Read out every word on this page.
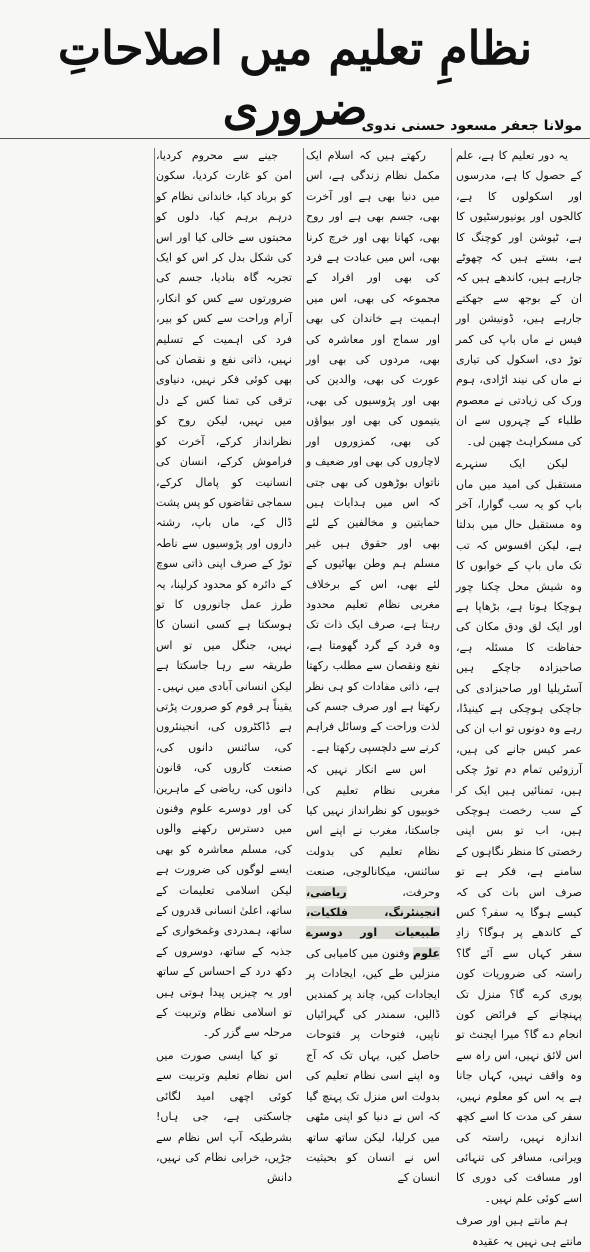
نظامِ تعلیم میں اصلاحاتِ ضروری
مولانا جعفر مسعود حسنی ندوی

یہ دور تعلیم کا ہے، علم کے حصول کا ہے، مدرسوں اور اسکولوں کا ہے، کالجوں اور یونیورسٹیوں کا ہے، ٹیوشن اور کوچنگ کا ہے، بستے ہیں کہ چھوٹے جارہے ہیں، کاندھے ہیں کہ ان کے بوجھ سے جھکتے جارہے ہیں، ڈونیشن اور فیس نے ماں باپ کی کمر توڑ دی، اسکول کی تیاری نے ماں کی نیند اڑادی، ہوم ورک کی زیادتی نے معصوم طلباء کے چہروں سے ان کی مسکراہٹ چھین لی۔

لیکن ایک سنہرے مستقبل کی امید میں ماں باپ کو یہ سب گوارا، آخر وہ مستقبل حال میں بدلتا ہے، لیکن افسوس کہ تب تک ماں باپ کے خوابوں کا وہ شیش محل چکنا چور ہوچکا ہوتا ہے، بڑھاپا ہے اور ایک لق ودق مکان کی حفاظت کا مسئلہ ہے، صاحبزادہ جاچکے ہیں آسٹریلیا اور صاحبزادی کی جاچکی ہوچکی ہے کینیڈا، رہے وہ دونوں تو اب ان کی عمر کیس جانے کی ہیں، آرزوئیں تمام دم توڑ چکی ہیں، تمنائیں ہیں ایک کر کے سب رخصت ہوچکی ہیں، اب تو بس اپنی رخصتی کا منظر نگاہوں کے سامنے ہے، فکر ہے تو صرف اس بات کی کہ کیسے ہوگا یہ سفر؟ کس کے کاندھے پر ہوگا؟ زادِ سفر کہاں سے آئے گا؟ راستہ کی ضروریات کون پوری کرے گا؟ منزل تک پہنچانے کے فرائض کون انجام دے گا؟ میرا ایجنٹ تو اس لائق نہیں، اس راہ سے وہ واقف نہیں، کہاں جانا ہے یہ اس کو معلوم نہیں، سفر کی مدت کا اسے کچھ اندازہ نہیں، راستہ کی ویرانی، مسافر کی تنہائی اور مسافت کی دوری کا اسے کوئی علم نہیں۔

ہم مانتے ہیں اور صرف مانتے ہی نہیں یہ عقیدہ

رکھتے ہیں کہ اسلام ایک مکمل نظام زندگی ہے، اس میں دنیا بھی ہے اور آخرت بھی، جسم بھی ہے اور روح بھی، کھانا بھی اور خرچ کرنا بھی، اس میں عبادت ہے فرد کی بھی اور افراد کے مجموعہ کی بھی، اس میں اہمیت ہے خاندان کی بھی اور سماج اور معاشرہ کی بھی، مردوں کی بھی اور عورت کی بھی، والدین کی بھی اور پڑوسیوں کی بھی، یتیموں کی بھی اور بیواؤں کی بھی، کمزوروں اور لاچاروں کی بھی اور ضعیف و ناتواں بوڑھوں کی بھی جتی کہ اس میں ہدایات ہیں حمایتین و مخالفین کے لئے بھی اور حقوق ہیں غیر مسلم ہم وطن بھائیوں کے لئے بھی، اس کے برخلاف مغربی نظام تعلیم محدود رہتا ہے، صرف ایک ذات تک وہ فرد کے گرد گھومتا ہے، نفع ونقصان سے مطلب رکھتا ہے، ذاتی مفادات کو ہی نظر رکھتا ہے اور صرف جسم کی لذت وراحت کے وسائل فراہم کرنے سے دلچسپی رکھتا ہے۔

اس سے انکار نہیں کہ مغربی نظام تعلیم کی خوبیوں کو نظرانداز نہیں کیا جاسکتا، مغرب نے اپنے اس نظام تعلیم کی بدولت سائنس، میکانالوجی، صنعت وحرفت، ریاضی، انجینئرنگ، فلکیات، طبیعیات اور دوسرے علوم وفنون میں کامیابی کی منزلیں طے کیں، ایجادات پر ایجادات کیں، چاند پر کمندیں ڈالیں، سمندر کی گہرائیاں ناپیں، فتوحات پر فتوحات حاصل کیں، یہاں تک کہ آج وہ اپنے اسی نظام تعلیم کی بدولت اس منزل تک پہنچ گیا کہ اس نے دنیا کو اپنی مٹھی میں کرلیا، لیکن ساتھ ساتھ اس نے انسان کو بحیثیت انسان کے

جینے سے محروم کردیا، امن کو غارت کردیا، سکون کو برباد کیا، خاندانی نظام کو درہم برہم کیا، دلوں کو محبتوں سے خالی کیا اور اس کی شکل بدل کر اس کو ایک تجربہ گاہ بنادیا، جسم کی ضرورتوں سے کس کو انکار، آرام وراحت سے کس کو بیر، فرد کی اہمیت کے تسلیم نہیں، ذاتی نفع و نقصان کی بھی کوئی فکر نہیں، دنیاوی ترقی کی تمنا کس کے دل میں نہیں، لیکن روح کو نظرانداز کرکے، آخرت کو فراموش کرکے، انسان کی انسانیت کو پامال کرکے، سماجی تقاضوں کو پس پشت ڈال کے، ماں باپ، رشتہ داروں اور پڑوسیوں سے ناطہ توڑ کے صرف اپنی ذاتی سوچ کے دائرہ کو محدود کرلینا، یہ طرز عمل جانوروں کا تو ہوسکتا ہے کسی انسان کا نہیں، جنگل میں تو اس طریقہ سے رہا جاسکتا ہے لیکن انسانی آبادی میں نہیں۔ یقیناً ہر قوم کو صرورت پڑتی ہے ڈاکٹروں کی، انجینئروں کی، سائنس دانوں کی، صنعت کاروں کی، قانون دانوں کی، ریاضی کے ماہرین کی اور دوسرے علوم وفنون میں دسترس رکھنے والوں کی، مسلم معاشرہ کو بھی ایسے لوگوں کی ضرورت ہے لیکن اسلامی تعلیمات کے ساتھ، اعلیٰ انسانی قدروں کے ساتھ، ہمدردی وغمخواری کے جذبہ کے ساتھ، دوسروں کے دکھ درد کے احساس کے ساتھ اور یہ چیزیں پیدا ہوتی ہیں تو اسلامی نظام وتربیت کے مرحلہ سے گزر کر۔

تو کیا ایسی صورت میں اس نظام تعلیم وتربیت سے کوئی اچھی امید لگائی جاسکتی ہے، جی ہاں! بشرطیکہ آپ اس نظام سے جڑیں، خرابی نظام کی نہیں، دانش
